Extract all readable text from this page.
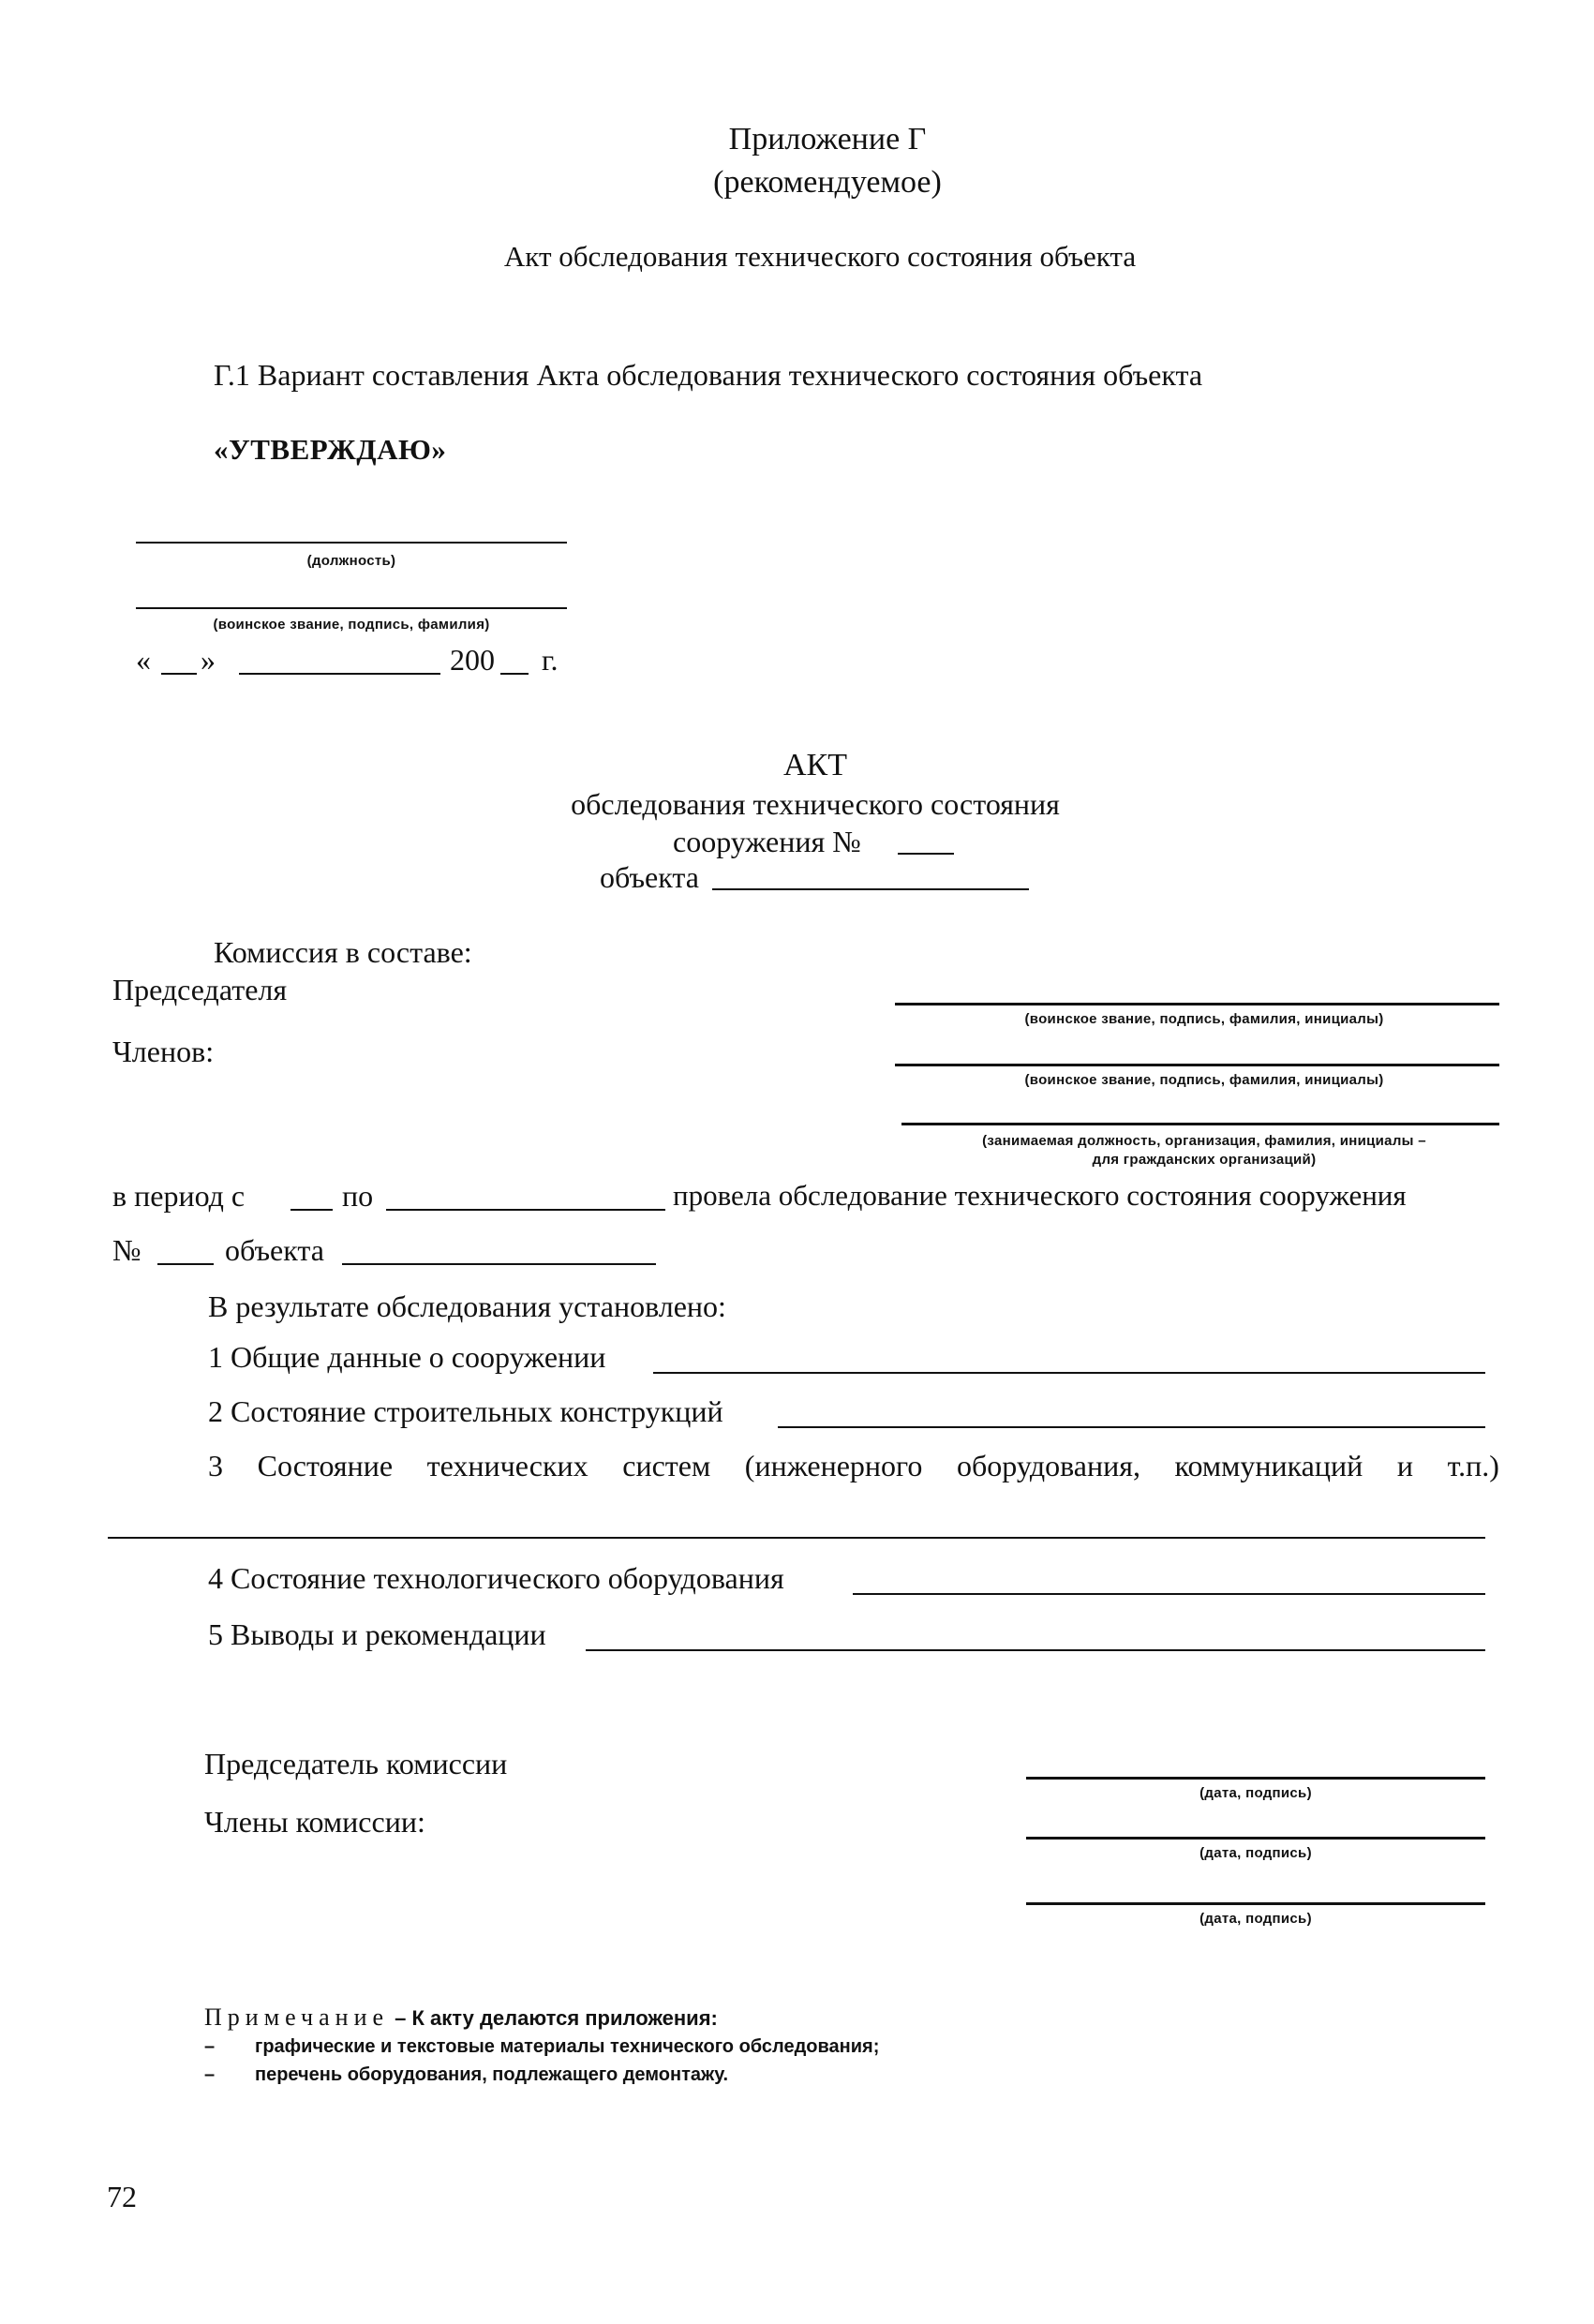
Приложение Г
(рекомендуемое)
Акт обследования технического состояния объекта
Г.1 Вариант составления Акта обследования технического состояния объекта
«УТВЕРЖДАЮ»
(должность)
(воинское звание, подпись, фамилия)
« »	200 г.
АКТ
обследования технического состояния
сооружения №
объекта
Комиссия в составе:
Председателя
(воинское звание, подпись, фамилия, инициалы)
Членов:
(воинское звание, подпись, фамилия, инициалы)
(занимаемая должность, организация, фамилия, инициалы –
для гражданских организаций)
в период с	по	провела обследование технического состояния сооружения
№	объекта
В результате обследования установлено:
1 Общие данные о сооружении
2 Состояние строительных конструкций
3 Состояние технических систем (инженерного оборудования, коммуникаций и т.п.)
4 Состояние технологического оборудования
5 Выводы и рекомендации
Председатель комиссии
(дата, подпись)
Члены комиссии:
(дата, подпись)
(дата, подпись)
Примечание – К акту делаются приложения:
– графические и текстовые материалы технического обследования;
– перечень оборудования, подлежащего демонтажу.
72
